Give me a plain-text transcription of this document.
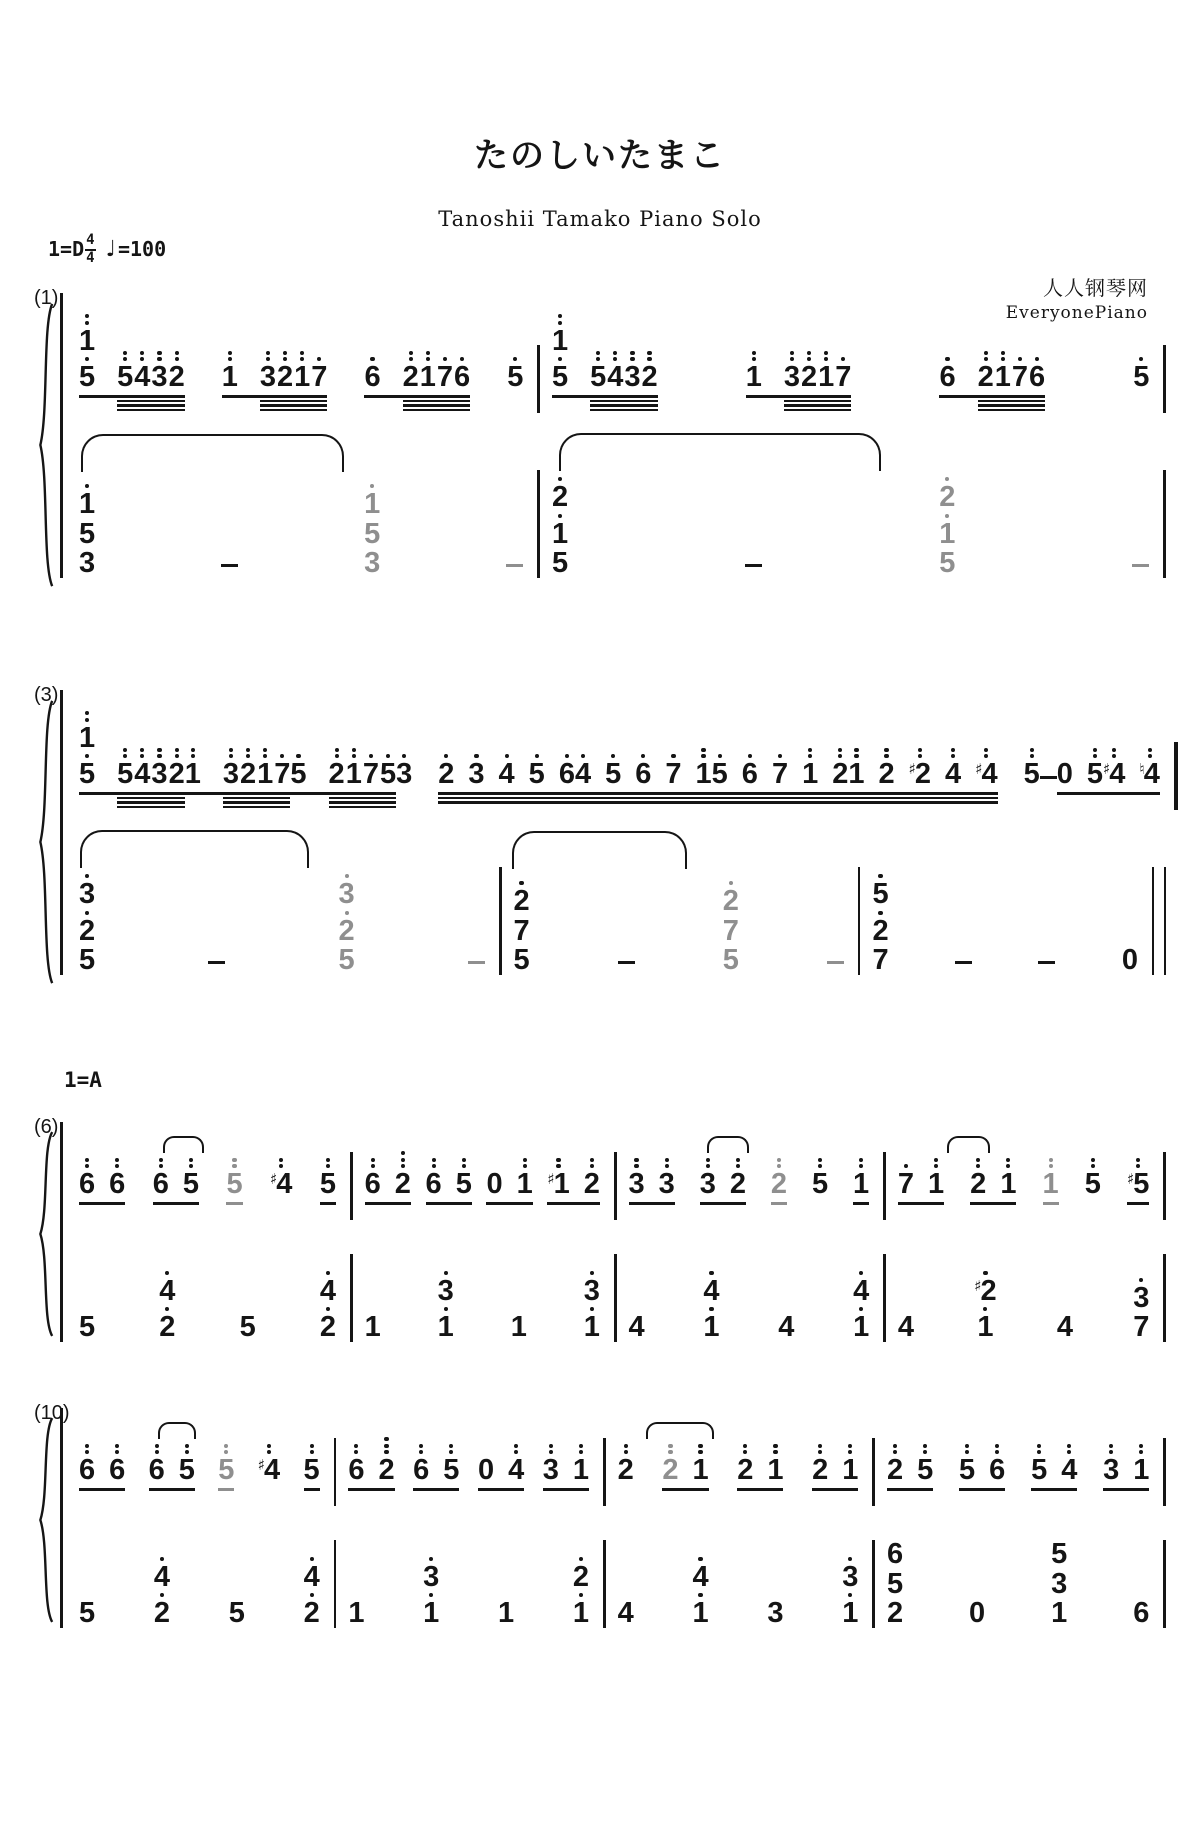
たのしいたまこ
Tanoshii Tamako Piano Solo
1=D 4
4 ♩ =100
人人钢琴网
EveryonePiano
1=A
(1)
1
5 5 4 3 2 1 3 2 1 7 6 2 1 7 6 5
1
5 5 4 3 2	1 3 2 1 7	6 2 1 7 6	5
1
5
3
1
5
3
2
1
5
2
1
5
(3)
1
5 5 4 3 2 1 3 2 1 7 5 2 1 7 5 3 2 3 4 5 6 4 5 6 7 1 5 6 7 1 2 1 2 ♯2 4 ♯4 5 0 5 ♯4 ♮4
3
2
5
3
2
5
2
7
5
2
7
5
5
2
7	0
(6)
6 6 6 5 5 ♯4 5 6 2 6 5 0 1 ♯1 2 3 3 3 2 2 5 1 7 1 2 1 1 5 ♯5
5
4
2 5
4
2 1
3
1 1
3
1 4
4
1 4
4
1 4
♯2
1 4
3
7
(10)
6 6 6 5 5 ♯4 5 6 2 6 5 0 4 3 1 2 2 1 2 1 2 1 2 5 5 6 5 4 3 1
5
4
2 5
4
2 1
3
1 1
2
1 4
4
1 3
3
1
6
5
2 0
5
3
1 6
